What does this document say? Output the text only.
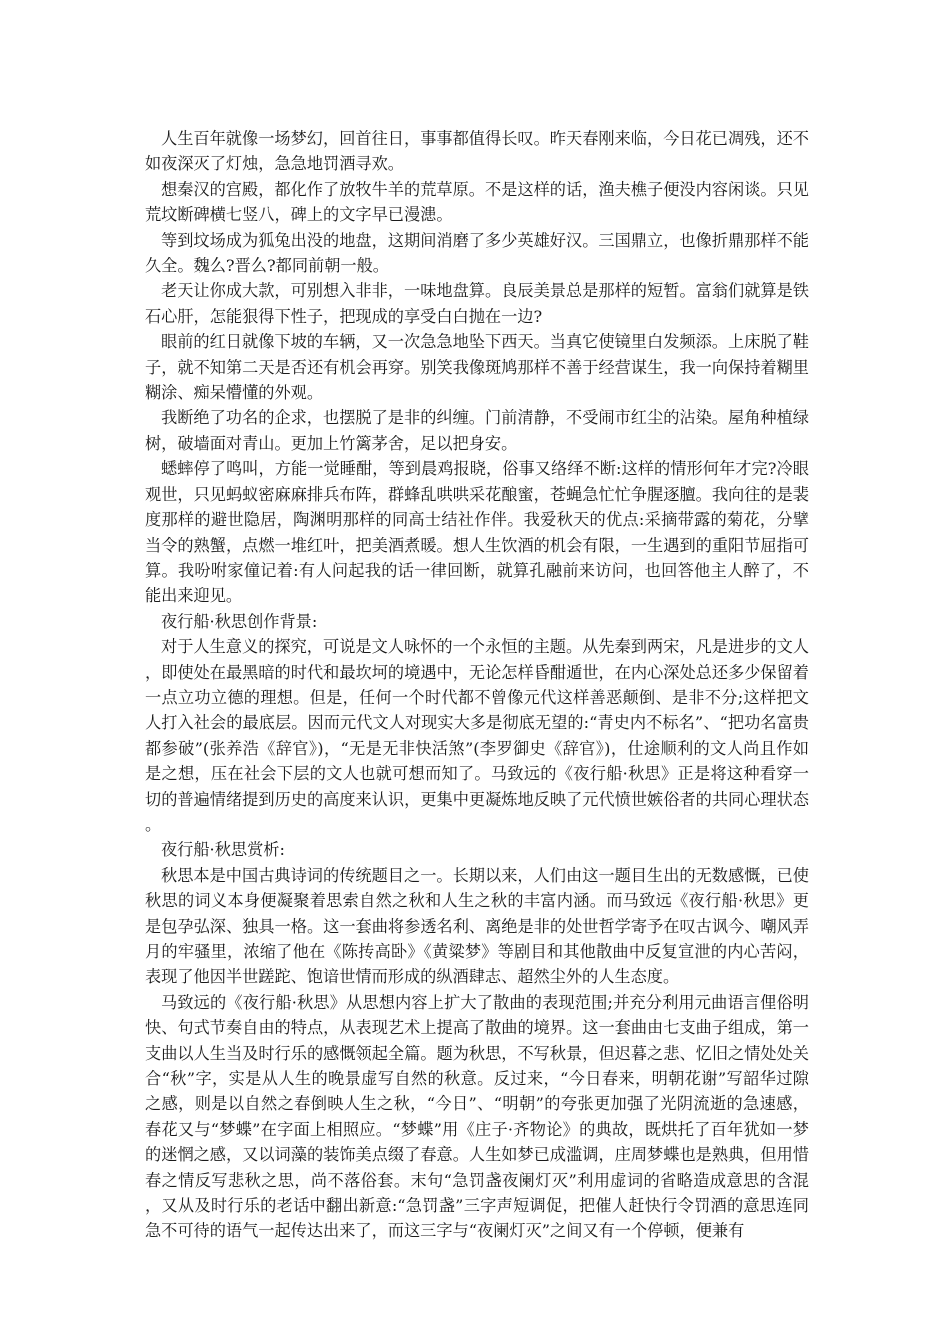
人生百年就像一场梦幻，回首往日，事事都值得长叹。昨天春刚来临，今日花已凋残，还不如夜深灭了灯烛，急急地罚酒寻欢。

想秦汉的宫殿，都化作了放牧牛羊的荒草原。不是这样的话，渔夫樵子便没内容闲谈。只见荒坟断碑横七竖八，碑上的文字早已漫漶。

等到坟场成为狐兔出没的地盘，这期间消磨了多少英雄好汉。三国鼎立，也像折鼎那样不能久全。魏么?晋么?都同前朝一般。

老天让你成大款，可别想入非非，一味地盘算。良辰美景总是那样的短暂。富翁们就算是铁石心肝，怎能狠得下性子，把现成的享受白白抛在一边?

眼前的红日就像下坡的车辆，又一次急急地坠下西天。当真它使镜里白发频添。上床脱了鞋子，就不知第二天是否还有机会再穿。别笑我像斑鸠那样不善于经营谋生，我一向保持着糊里糊涂、痴呆懵懂的外观。

我断绝了功名的企求，也摆脱了是非的纠缠。门前清静，不受闹市红尘的沾染。屋角种植绿树，破墙面对青山。更加上竹篱茅舍，足以把身安。

蟋蟀停了鸣叫，方能一觉睡酣，等到晨鸡报晓，俗事又络绎不断:这样的情形何年才完?冷眼观世，只见蚂蚁密麻麻排兵布阵，群蜂乱哄哄采花酿蜜，苍蝇急忙忙争腥逐膻。我向往的是裴度那样的避世隐居，陶渊明那样的同高士结社作伴。我爱秋天的优点:采摘带露的菊花，分擘当令的熟蟹，点燃一堆红叶，把美酒煮暖。想人生饮酒的机会有限，一生遇到的重阳节屈指可算。我吩咐家僮记着:有人问起我的话一律回断，就算孔融前来访问，也回答他主人醉了，不能出来迎见。

夜行船·秋思创作背景:

对于人生意义的探究，可说是文人咏怀的一个永恒的主题。从先秦到两宋，凡是进步的文人，即使处在最黑暗的时代和最坎坷的境遇中，无论怎样昏酣遁世，在内心深处总还多少保留着一点立功立德的理想。但是，任何一个时代都不曾像元代这样善恶颠倒、是非不分;这样把文人打入社会的最底层。因而元代文人对现实大多是彻底无望的:“青史内不标名”、“把功名富贵都参破”(张养浩《辞官》)，“无是无非快活煞”(李罗御史《辞官》)，仕途顺利的文人尚且作如是之想，压在社会下层的文人也就可想而知了。马致远的《夜行船·秋思》正是将这种看穿一切的普遍情绪提到历史的高度来认识，更集中更凝炼地反映了元代愤世嫉俗者的共同心理状态。

夜行船·秋思赏析:

秋思本是中国古典诗词的传统题目之一。长期以来，人们由这一题目生出的无数感慨，已使秋思的词义本身便凝聚着思索自然之秋和人生之秋的丰富内涵。而马致远《夜行船·秋思》更是包孕弘深、独具一格。这一套曲将参透名利、离绝是非的处世哲学寄予在叹古讽今、嘲风弄月的牢骚里，浓缩了他在《陈抟高卧》《黄粱梦》等剧目和其他散曲中反复宣泄的内心苦闷，表现了他因半世蹉跎、饱谙世情而形成的纵酒肆志、超然尘外的人生态度。

马致远的《夜行船·秋思》从思想内容上扩大了散曲的表现范围;并充分利用元曲语言俚俗明快、句式节奏自由的特点，从表现艺术上提高了散曲的境界。这一套曲由七支曲子组成，第一支曲以人生当及时行乐的感慨领起全篇。题为秋思，不写秋景，但迟暮之悲、忆旧之情处处关合“秋”字，实是从人生的晚景虚写自然的秋意。反过来，“今日春来，明朝花谢”写韶华过隙之感，则是以自然之春倒映人生之秋，“今日”、“明朝”的夸张更加强了光阴流逝的急速感，春花又与“梦蝶”在字面上相照应。“梦蝶”用《庄子·齐物论》的典故，既烘托了百年犹如一梦的迷惘之感，又以词藻的装饰美点缀了春意。人生如梦已成滥调，庄周梦蝶也是熟典，但用惜春之情反写悲秋之思，尚不落俗套。末句“急罚盏夜阑灯灭”利用虚词的省略造成意思的含混，又从及时行乐的老话中翻出新意:“急罚盏”三字声短调促，把催人赶快行令罚酒的意思连同急不可待的语气一起传达出来了，而这三字与“夜阑灯灭”之间又有一个停顿，便兼有
